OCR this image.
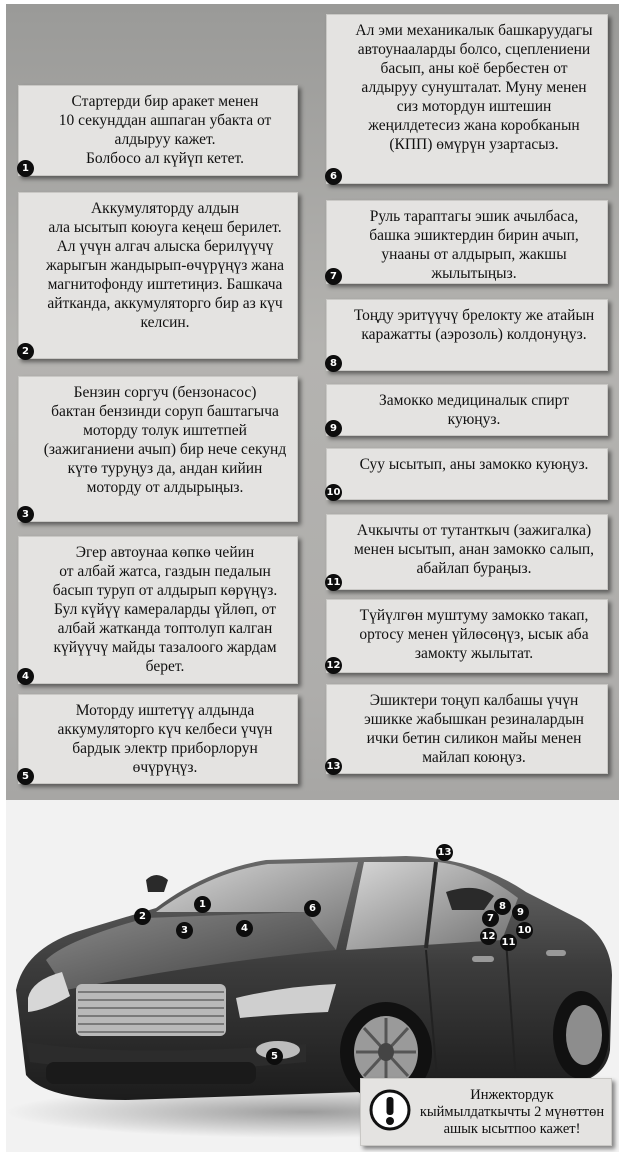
Стартерди бир аракет менен
10 секунддан ашпаган убакта от алдыруу кажет.
Болбосо ал күйүп кетет.
1
Аккумуляторду алдын
ала ысытып коюуга кеңеш берилет. Ал үчүн алгач алыска берилүүчү жарыгын жандырып-өчүрүңүз жана магнитофонду иштетиңиз. Башкача айтканда, аккумуляторго бир аз күч
келсин.
2
Бензин соргуч (бензонасос)
бактан бензинди соруп баштагыча моторду толук иштетпей (зажиганиени ачып) бир нече секунд күтө туруңуз да, андан кийин моторду от алдырыңыз.
3
Эгер автоунаа көпкө чейин
от албай жатса, газдын педалын басып туруп от алдырып көрүңүз. Бул күйүү камераларды үйлөп, от албай жатканда топтолуп калган күйүүчү майды тазалоого жардам
берет.
4
Моторду иштетүү алдында аккумуляторго күч келбеси үчүн бардык электр приборлорун
өчүрүңүз.
5
Ал эми механикалык башкаруудагы автоунааларды болсо, сцеплениени басып, аны коё бербестен от алдыруу сунушталат. Муну менен сиз мотордун иштешин жеңилдетесиз жана коробканын (КПП) өмүрүн узартасыз.
6
Руль тараптагы эшик ачылбаса, башка эшиктердин бирин ачып, унааны от алдырып, жакшы жылытыңыз.
7
Тоңду эритүүчү брелокту же атайын каражатты (аэрозоль) колдонуңуз.
8
Замокко медициналык спирт куюңуз.
9
Суу ысытып, аны замокко куюңуз.
10
Ачкычты от тутанткыч (зажигалка) менен ысытып, анан замокко салып, абайлап бураңыз.
11
Түйүлгөн муштуму замокко такап, ортосу менен үйлөсөңүз, ысык аба замокту жылытат.
12
Эшиктери тоңуп калбашы үчүн эшикке жабышкан резиналардын ички бетин силикон майы менен майлап коюңуз.
13
1
2
3	4
5
6
7
8
9
10
11
12
13
Инжектордук
кыймылдаткычты 2 мүнөттөн
ашык ысытпоо кажет!
